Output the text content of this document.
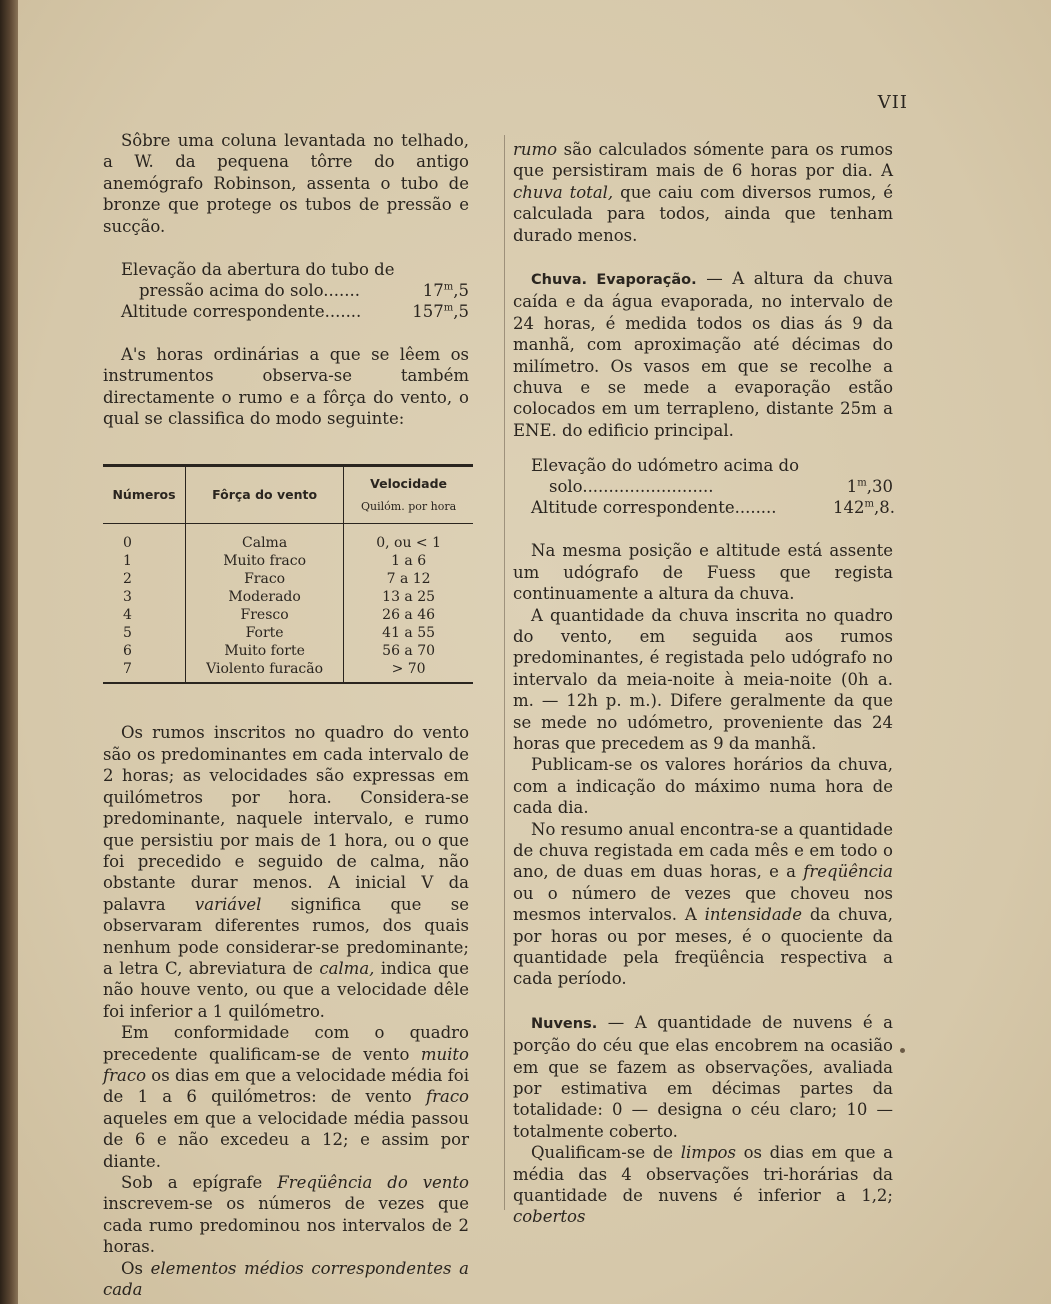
VII

Sôbre uma coluna levantada no telhado, a W. da pequena tôrre do antigo anemógrafo Robinson, assenta o tubo de bronze que protege os tubos de pressão e sucção.

Elevação da abertura do tubo de
pressão acima do solo.......	17$^m$,5
Altitude correspondente.......	157$^m$,5

A's horas ordinárias a que se lêem os instrumentos observa-se também directamente o rumo e a fôrça do vento, o qual se classifica do modo seguinte:

Números	Fôrça do vento	Velocidade
Quilóm. por hora

0	Calma	0, ou < 1
1	Muito fraco	1 a 6
2	Fraco	7 a 12
3	Moderado	13 a 25
4	Fresco	26 a 46
5	Forte	41 a 55
6	Muito forte	56 a 70
7	Violento furacão	> 70

Os rumos inscritos no quadro do vento são os predominantes em cada intervalo de 2 horas; as velocidades são expressas em quilómetros por hora. Considera-se predominante, naquele intervalo, e rumo que persistiu por mais de 1 hora, ou o que foi precedido e seguido de calma, não obstante durar menos. A inicial V da palavra variável significa que se observaram diferentes rumos, dos quais nenhum pode considerar-se predominante; a letra C, abreviatura de calma, indica que não houve vento, ou que a velocidade dêle foi inferior a 1 quilómetro.

Em conformidade com o quadro precedente qualificam-se de vento muito fraco os dias em que a velocidade média foi de 1 a 6 quilómetros: de vento fraco aqueles em que a velocidade média passou de 6 e não excedeu a 12; e assim por diante.

Sob a epígrafe Freqüência do vento inscrevem-se os números de vezes que cada rumo predominou nos intervalos de 2 horas.

Os elementos médios correspondentes a cada

rumo são calculados sómente para os rumos que persistiram mais de 6 horas por dia. A chuva total, que caiu com diversos rumos, é calculada para todos, ainda que tenham durado menos.

Chuva. Evaporação. — A altura da chuva caída e da água evaporada, no intervalo de 24 horas, é medida todos os dias ás 9 da manhã, com aproximação até décimas do milímetro. Os vasos em que se recolhe a chuva e se mede a evaporação estão colocados em um terrapleno, distante 25m a ENE. do edificio principal.

Elevação do udómetro acima do
solo.........................	1$^m$,30
Altitude correspondente........	142$^m$,8.

Na mesma posição e altitude está assente um udógrafo de Fuess que regista continuamente a altura da chuva.

A quantidade da chuva inscrita no quadro do vento, em seguida aos rumos predominantes, é registada pelo udógrafo no intervalo da meia-noite à meia-noite (0h a. m. — 12h p. m.). Difere geralmente da que se mede no udómetro, proveniente das 24 horas que precedem as 9 da manhã.

Publicam-se os valores horários da chuva, com a indicação do máximo numa hora de cada dia.

No resumo anual encontra-se a quantidade de chuva registada em cada mês e em todo o ano, de duas em duas horas, e a freqüência ou o número de vezes que choveu nos mesmos intervalos. A intensidade da chuva, por horas ou por meses, é o quociente da quantidade pela freqüência respectiva a cada período.

Nuvens. — A quantidade de nuvens é a porção do céu que elas encobrem na ocasião em que se fazem as observações, avaliada por estimativa em décimas partes da totalidade: 0 — designa o céu claro; 10 — totalmente coberto.

Qualificam-se de limpos os dias em que a média das 4 observações tri-horárias da quantidade de nuvens é inferior a 1,2; cobertos
